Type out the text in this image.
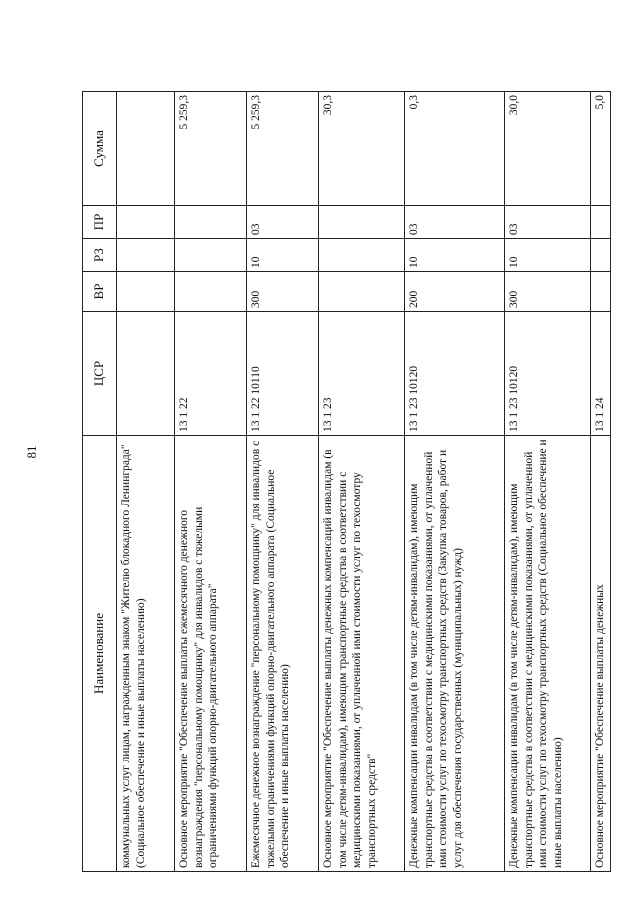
81
Наименование	ЦСР	ВР	РЗ	ПР	Сумма
коммунальных услуг лицам, награжденным знаком "Жителю блокадного Ленинграда" (Социальное обеспечение и иные выплаты населению)					
Основное мероприятие "Обеспечение выплаты ежемесячного денежного вознаграждения "персональному помощнику" для инвалидов с тяжелыми ограничениями функций опорно-двигательного аппарата"	13 1 22				5 259,3
Ежемесячное денежное вознаграждение "персональному помощнику" для инвалидов с тяжелыми ограничениями функций опорно-двигательного аппарата (Социальное обеспечение и иные выплаты населению)	13 1 22 10110	300	10	03	5 259,3
Основное мероприятие "Обеспечение выплаты денежных компенсаций инвалидам (в том числе детям-инвалидам), имеющим транспортные средства в соответствии с медицинскими показаниями, от уплаченной ими стоимости услуг по техосмотру транспортных средств"	13 1 23				30,3
Денежные компенсации инвалидам (в том числе детям-инвалидам), имеющим транспортные средства в соответствии с медицинскими показаниями, от уплаченной ими стоимости услуг по техосмотру транспортных средств (Закупка товаров, работ и услуг для обеспечения государственных (муниципальных) нужд)	13 1 23 10120	200	10	03	0,3
Денежные компенсации инвалидам (в том числе детям-инвалидам), имеющим транспортные средства в соответствии с медицинскими показаниями, от уплаченной ими стоимости услуг по техосмотру транспортных средств (Социальное обеспечение и иные выплаты населению)	13 1 23 10120	300	10	03	30,0
Основное мероприятие "Обеспечение выплаты денежных	13 1 24				5,0
